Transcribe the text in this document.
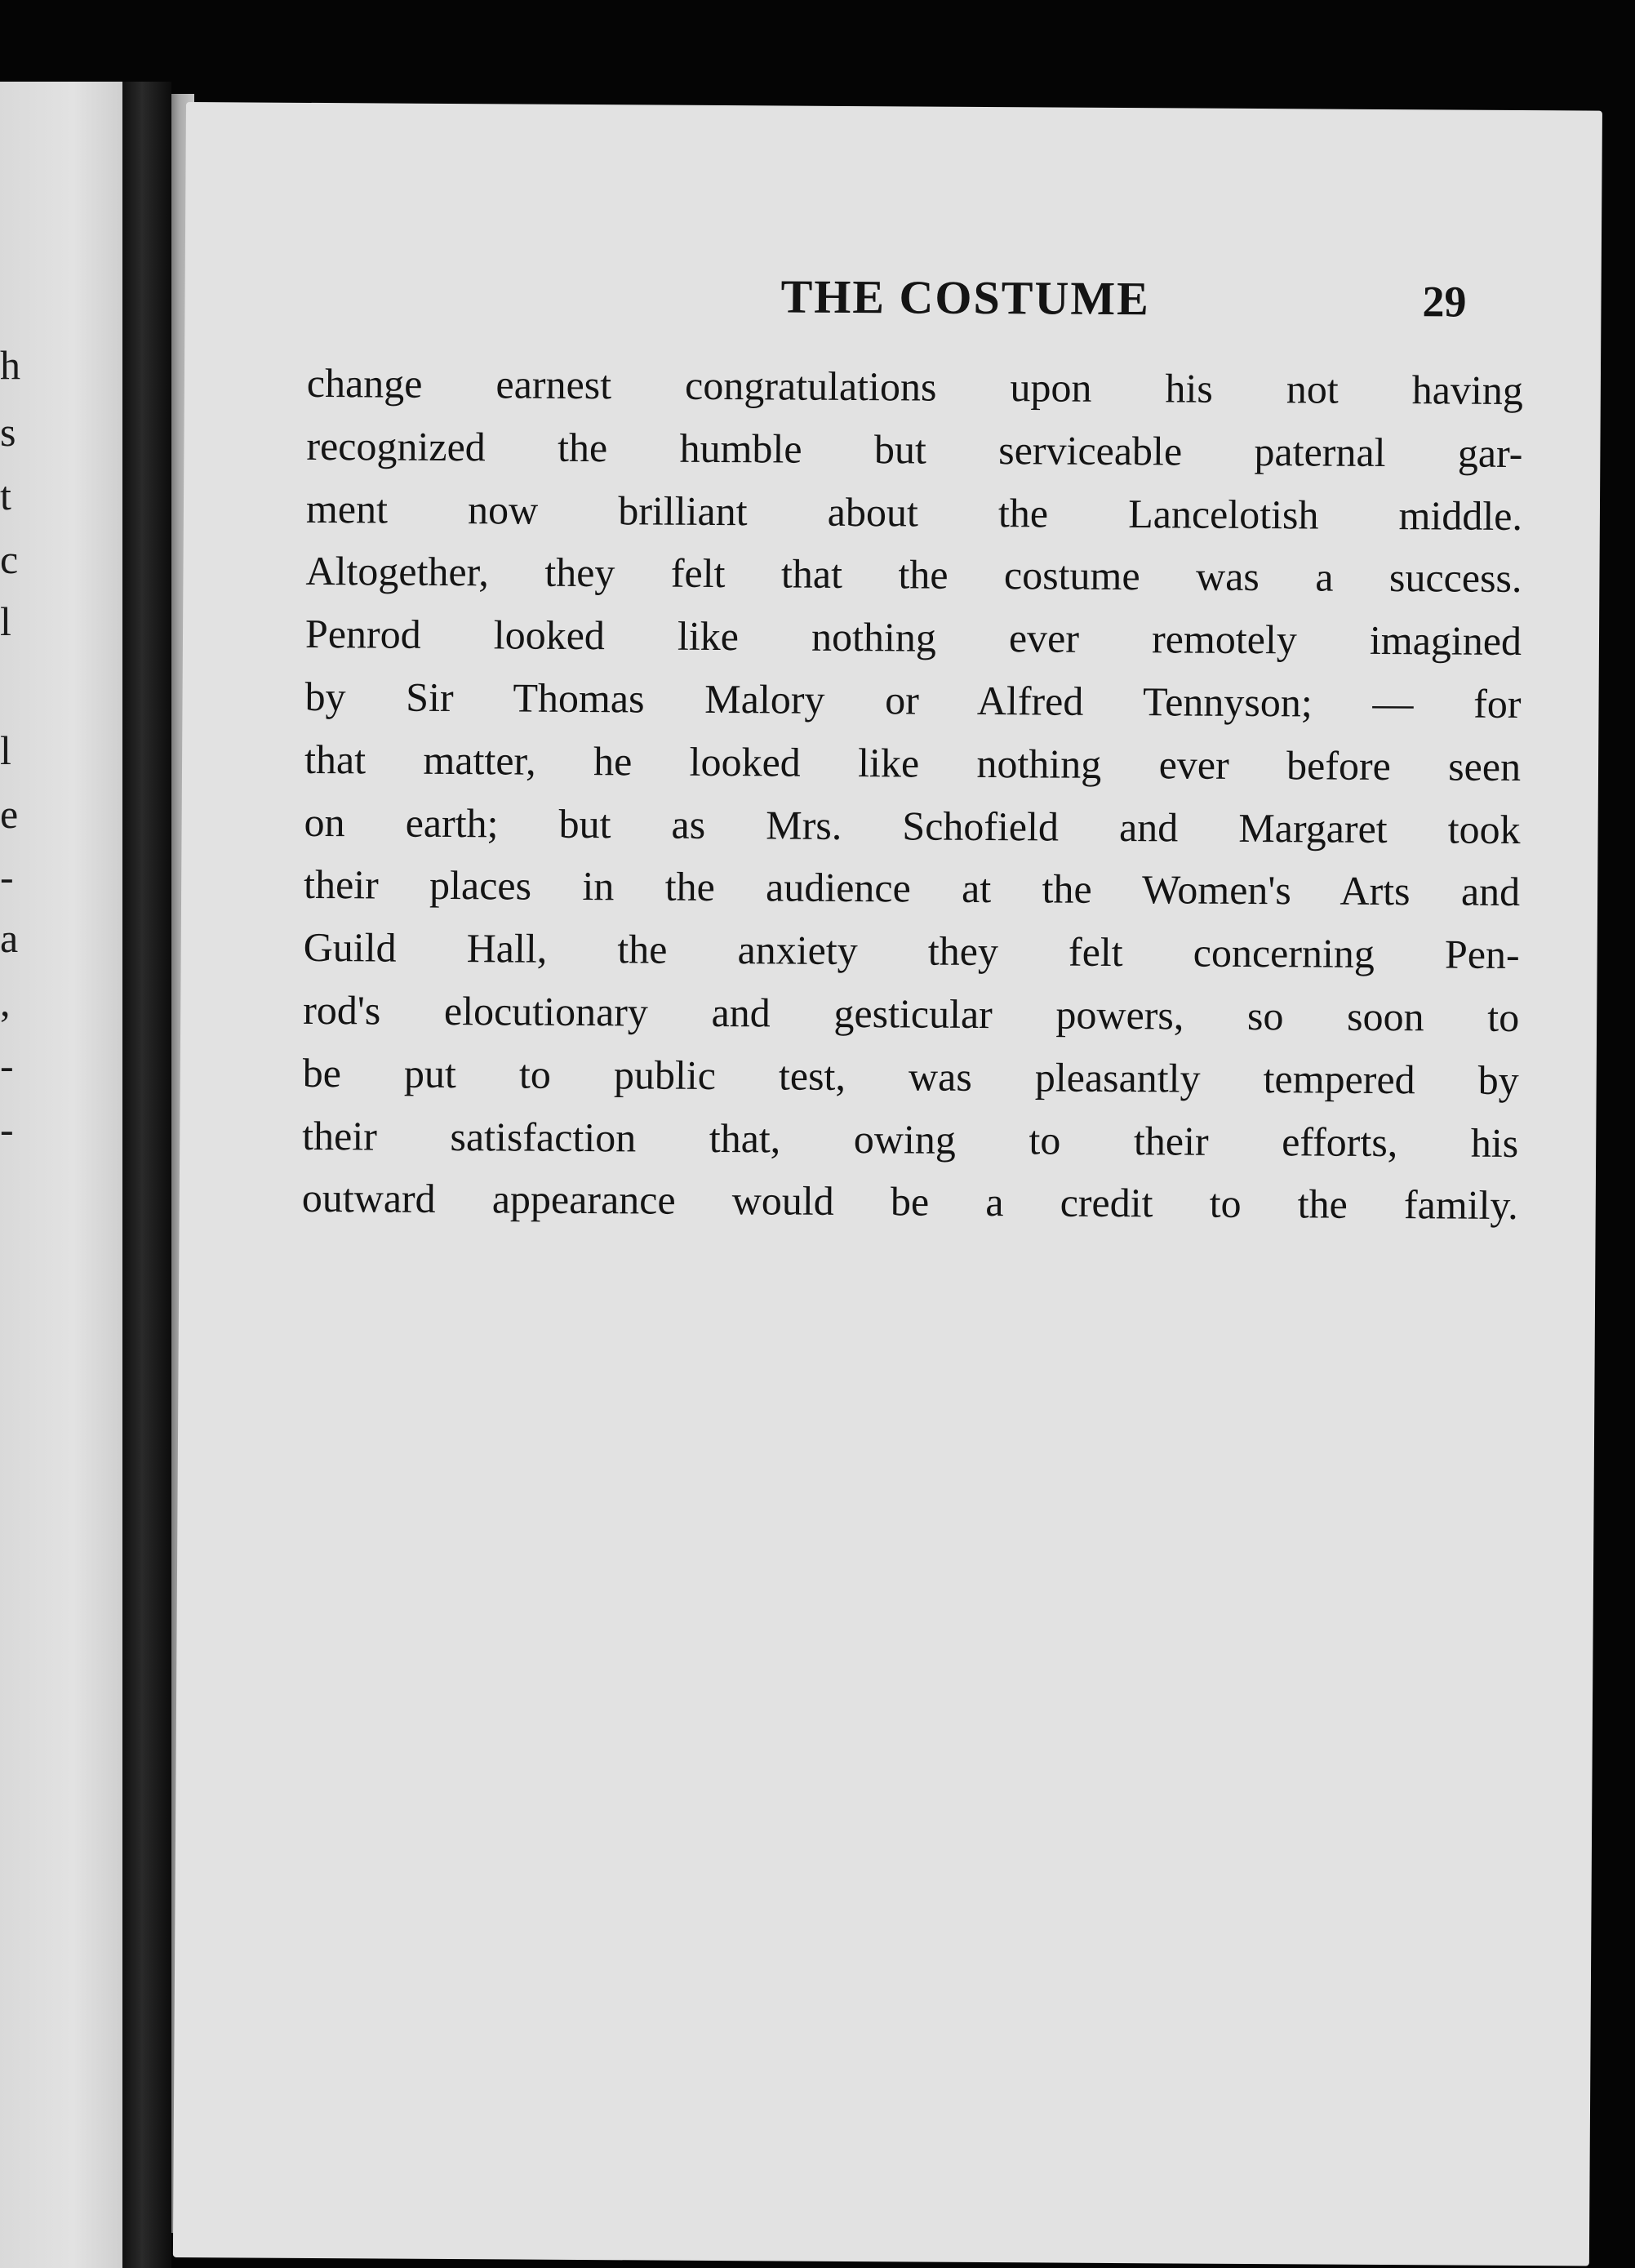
h
s
t
c
l
l
e
-
a
,
-
-
THE COSTUME	29
change earnest congratulations upon his not having
recognized the humble but serviceable paternal gar-
ment now brilliant about the Lancelotish middle.
Altogether, they felt that the costume was a success.
Penrod looked like nothing ever remotely imagined
by Sir Thomas Malory or Alfred Tennyson; — for
that matter, he looked like nothing ever before seen
on earth; but as Mrs. Schofield and Margaret took
their places in the audience at the Women's Arts and
Guild Hall, the anxiety they felt concerning Pen-
rod's elocutionary and gesticular powers, so soon to
be put to public test, was pleasantly tempered by
their satisfaction that, owing to their efforts, his
outward appearance would be a credit to the family.
